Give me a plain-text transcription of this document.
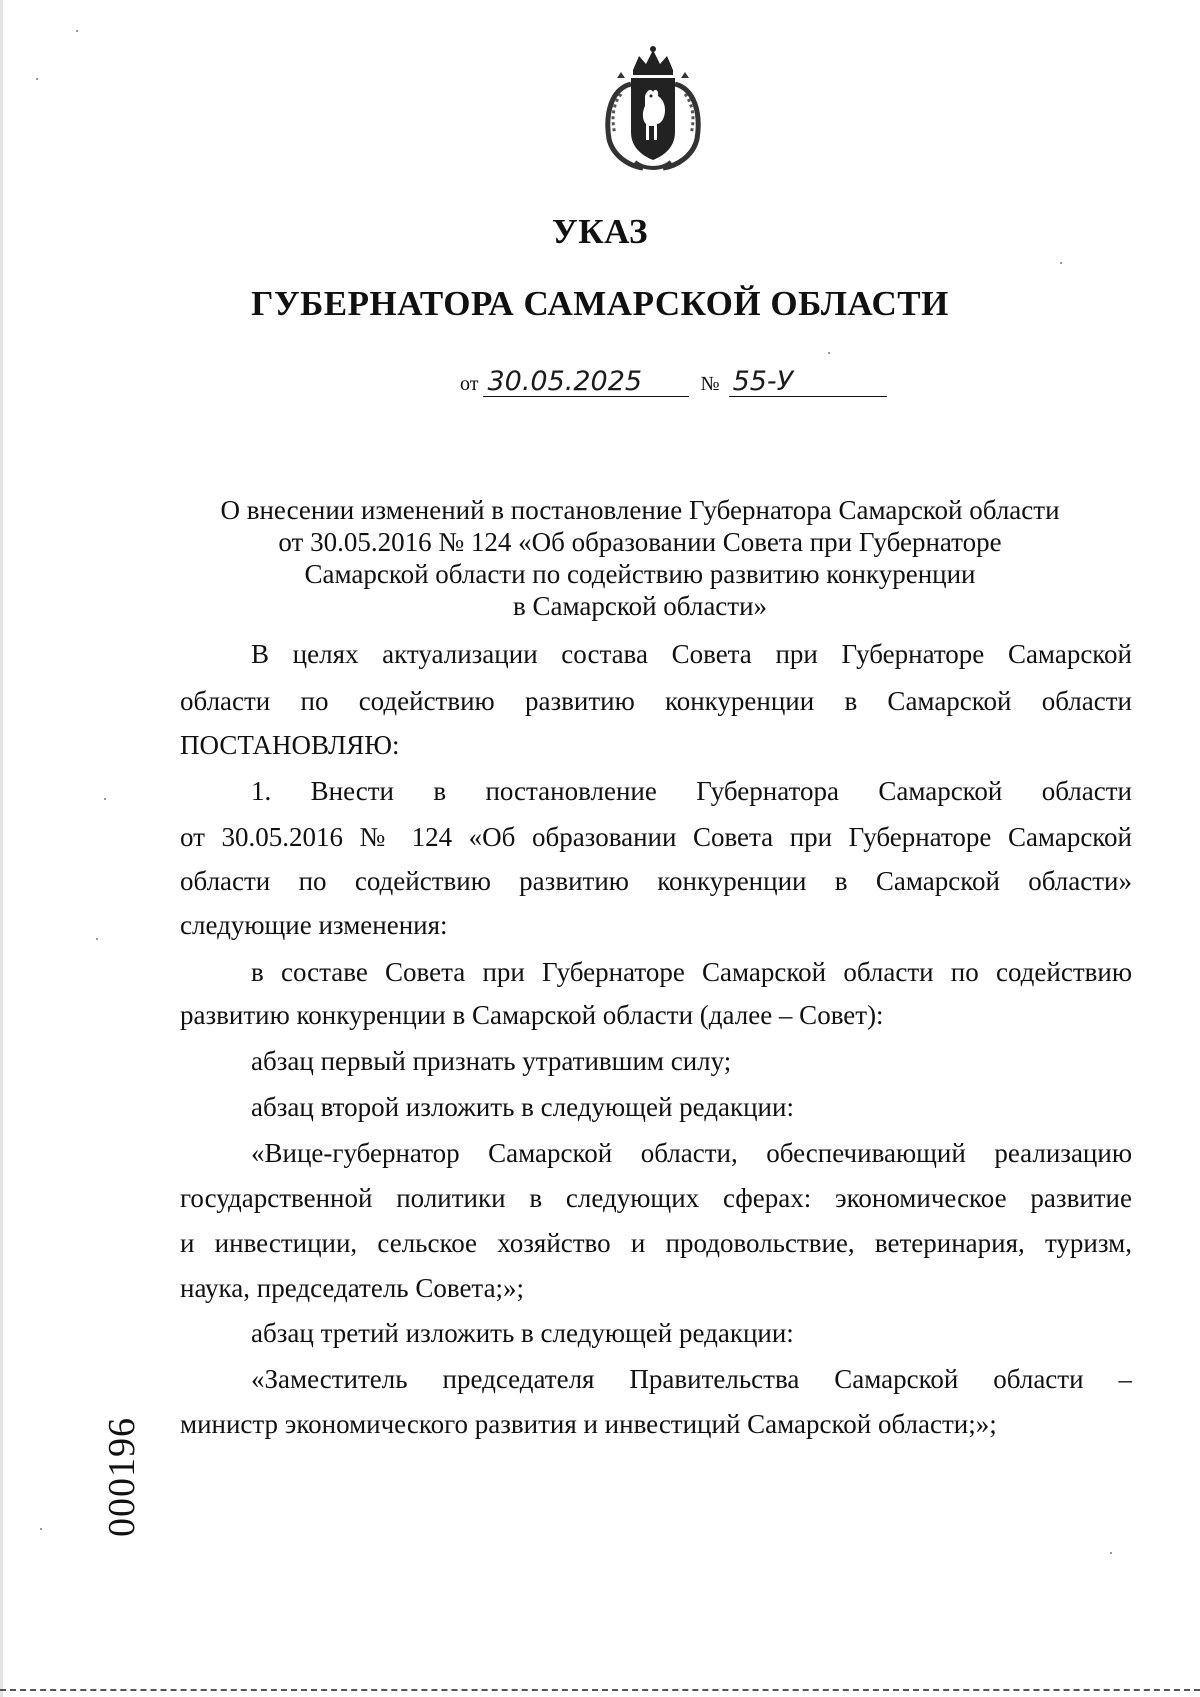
УКАЗ
ГУБЕРНАТОРА САМАРСКОЙ ОБЛАСТИ
от 30.05.2025	№ 55-У
О внесении изменений в постановление Губернатора Самарской области
от 30.05.2016 № 124 «Об образовании Совета при Губернаторе
Самарской области по содействию развитию конкуренции
в Самарской области»
В целях актуализации состава Совета при Губернаторе Самарской
области по содействию развитию конкуренции в Самарской области
ПОСТАНОВЛЯЮ:
1. Внести в постановление Губернатора Самарской области
от 30.05.2016 № 124 «Об образовании Совета при Губернаторе Самарской
области по содействию развитию конкуренции в Самарской области»
следующие изменения:
в составе Совета при Губернаторе Самарской области по содействию
развитию конкуренции в Самарской области (далее – Совет):
абзац первый признать утратившим силу;
абзац второй изложить в следующей редакции:
«Вице-губернатор Самарской области, обеспечивающий реализацию
государственной политики в следующих сферах: экономическое развитие
и инвестиции, сельское хозяйство и продовольствие, ветеринария, туризм,
наука, председатель Совета;»;
абзац третий изложить в следующей редакции:
«Заместитель председателя Правительства Самарской области –
министр экономического развития и инвестиций Самарской области;»;
000196
